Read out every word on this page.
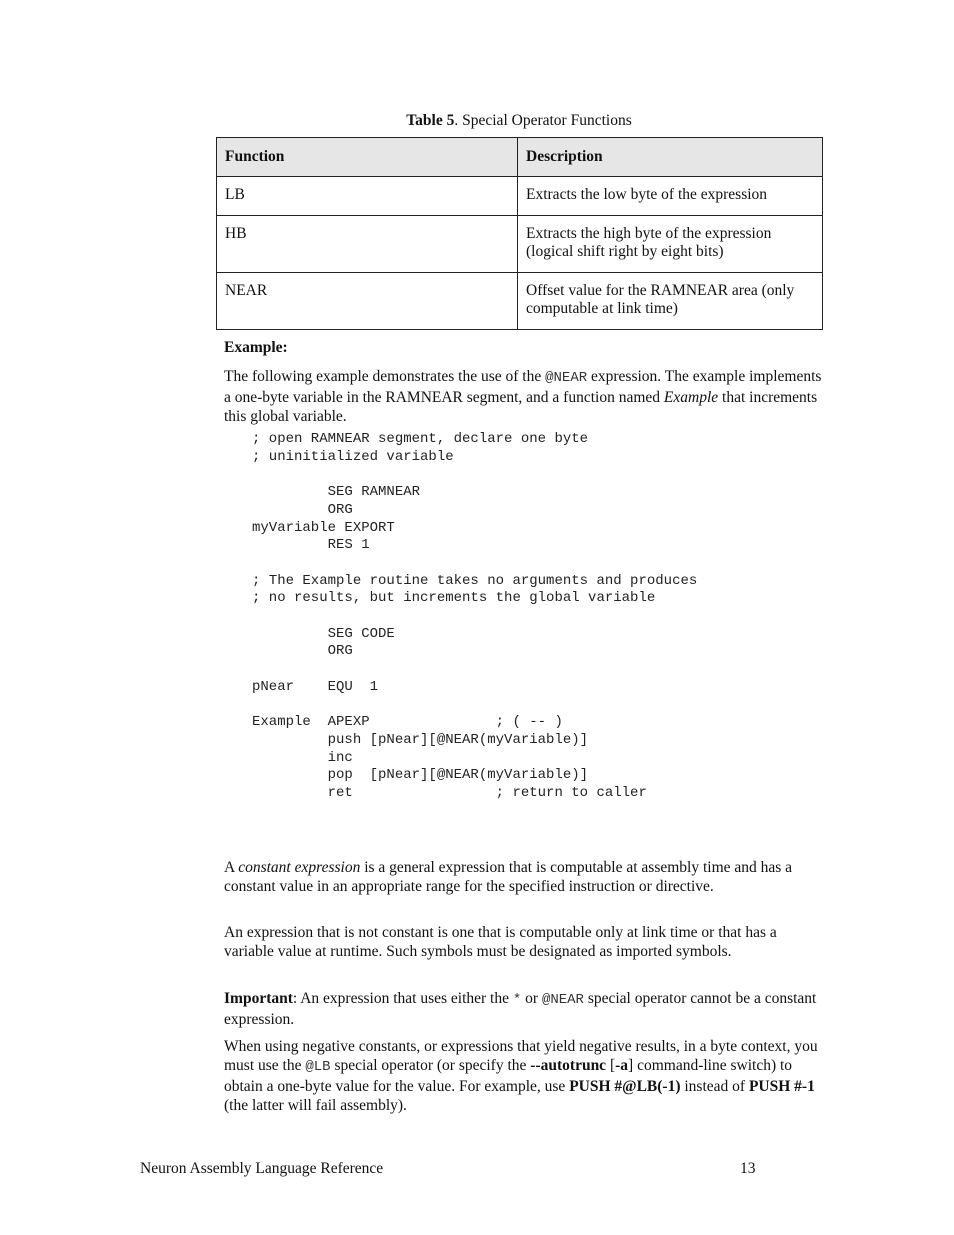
Table 5. Special Operator Functions
Function	Description
LB	Extracts the low byte of the expression
HB	Extracts the high byte of the expression (logical shift right by eight bits)
NEAR	Offset value for the RAMNEAR area (only computable at link time)
Example:
The following example demonstrates the use of the @NEAR expression. The example implements a one-byte variable in the RAMNEAR segment, and a function named Example that increments this global variable.
; open RAMNEAR segment, declare one byte
; uninitialized variable

SEG RAMNEAR
ORG
myVariable EXPORT
RES 1

; The Example routine takes no arguments and produces
; no results, but increments the global variable

SEG CODE
ORG

pNear    EQU  1

Example  APEXP               ; ( -- )
push [pNear][@NEAR(myVariable)]
inc
pop  [pNear][@NEAR(myVariable)]
ret                 ; return to caller
A constant expression is a general expression that is computable at assembly time and has a constant value in an appropriate range for the specified instruction or directive.
An expression that is not constant is one that is computable only at link time or that has a variable value at runtime. Such symbols must be designated as imported symbols.
Important: An expression that uses either the * or @NEAR special operator cannot be a constant expression.
When using negative constants, or expressions that yield negative results, in a byte context, you must use the @LB special operator (or specify the --autotrunc [-a] command-line switch) to obtain a one-byte value for the value. For example, use PUSH #@LB(-1) instead of PUSH #-1 (the latter will fail assembly).
Neuron Assembly Language Reference	13
